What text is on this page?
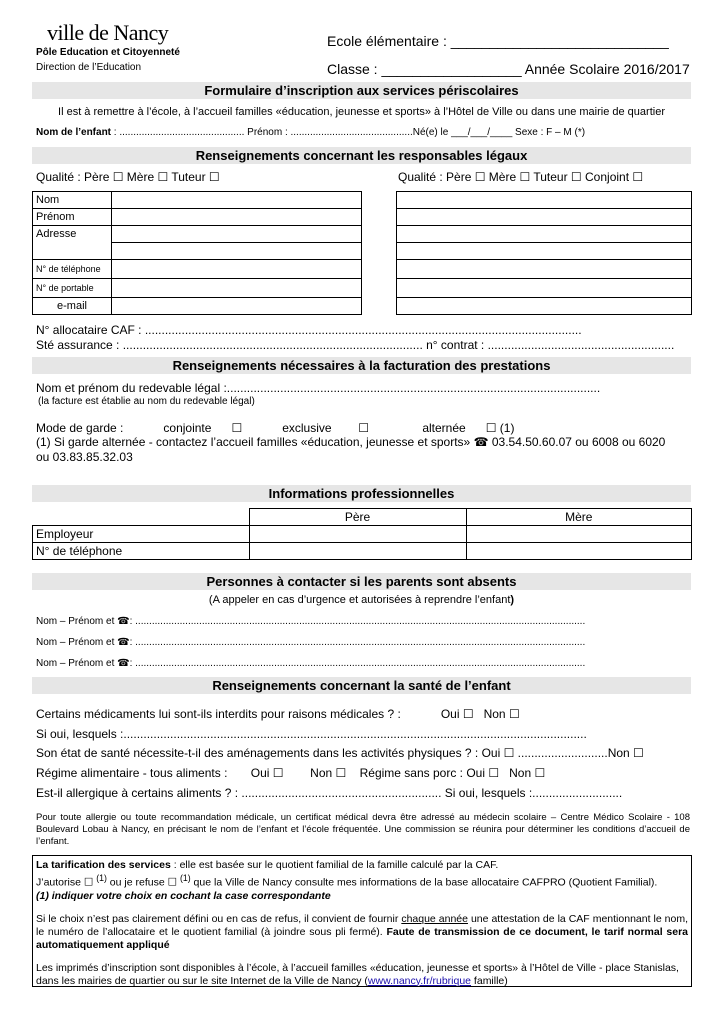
ville de Nancy
Pôle Education et Citoyenneté
Direction de l’Education
Ecole élémentaire : ____________________________
Classe : __________________ Année Scolaire 2016/2017
Formulaire d’inscription aux services périscolaires
Il est à remettre à l’école, à l’accueil familles «éducation, jeunesse et sports» à l’Hôtel de Ville ou dans une mairie de quartier
Nom de l’enfant : ............................................. Prénom : ............................................Né(e) le ___/___/____ Sexe : F – M (*)
Renseignements concernant les responsables légaux
Qualité : Père ☐ Mère ☐ Tuteur ☐	Qualité : Père ☐ Mère ☐ Tuteur ☐ Conjoint ☐
Nom	
Prénom	
Adresse	

N° de téléphone	
N° de portable	
e-mail	

N° allocataire CAF : ...................................................................................................................................
Sté assurance : .......................................................................................... n° contrat : ........................................................
Renseignements nécessaires à la facturation des prestations
Nom et prénom du redevable légal :................................................................................................................
(la facture est établie au nom du redevable légal)
Mode de garde :            conjointe      ☐            exclusive        ☐                alternée      ☐ (1)
(1) Si garde alternée - contactez l’accueil familles «éducation, jeunesse et sports» ☎ 03.54.50.60.07 ou 6008 ou 6020
ou 03.83.85.32.03
Informations professionnelles
	Père	Mère
Employeur		
N° de téléphone		
Personnes à contacter si les parents sont absents
(A appeler en cas d’urgence et autorisées à reprendre l’enfant)
Nom – Prénom et ☎: ..................................................................................................................................................................
Nom – Prénom et ☎: ..................................................................................................................................................................
Nom – Prénom et ☎: ..................................................................................................................................................................
Renseignements concernant la santé de l’enfant
Certains médicaments lui sont-ils interdits pour raisons médicales ? :            Oui ☐   Non ☐
Si oui, lesquels :...........................................................................................................................................
Son état de santé nécessite-t-il des aménagements dans les activités physiques ? : Oui ☐ ...........................Non ☐
Régime alimentaire - tous aliments :       Oui ☐        Non ☐    Régime sans porc : Oui ☐   Non ☐
Est-il allergique à certains aliments ? : ............................................................ Si oui, lesquels :...........................
Pour toute allergie ou toute recommandation médicale, un certificat médical devra être adressé au médecin scolaire – Centre Médico Scolaire - 108 Boulevard Lobau à Nancy, en précisant le nom de l’enfant et l’école fréquentée. Une commission se réunira pour déterminer les conditions d’accueil de l’enfant.

La tarification des services : elle est basée sur le quotient familial de la famille calculé par la CAF.
J’autorise ☐ $^{(1)}$ ou je refuse ☐ $^{(1)}$ que la Ville de Nancy consulte mes informations de la base allocataire CAFPRO (Quotient Familial).
(1) indiquer votre choix en cochant la case correspondante

Si le choix n’est pas clairement défini ou en cas de refus, il convient de fournir chaque année une attestation de la CAF mentionnant le nom, le numéro de l’allocataire et le quotient familial (à joindre sous pli fermé). Faute de transmission de ce document, le tarif normal sera automatiquement appliqué

Les imprimés d’inscription sont disponibles à l’école, à l’accueil familles «éducation, jeunesse et sports» à l’Hôtel de Ville - place Stanislas, dans les mairies de quartier ou sur le site Internet de la Ville de Nancy (www.nancy.fr/rubrique famille)
